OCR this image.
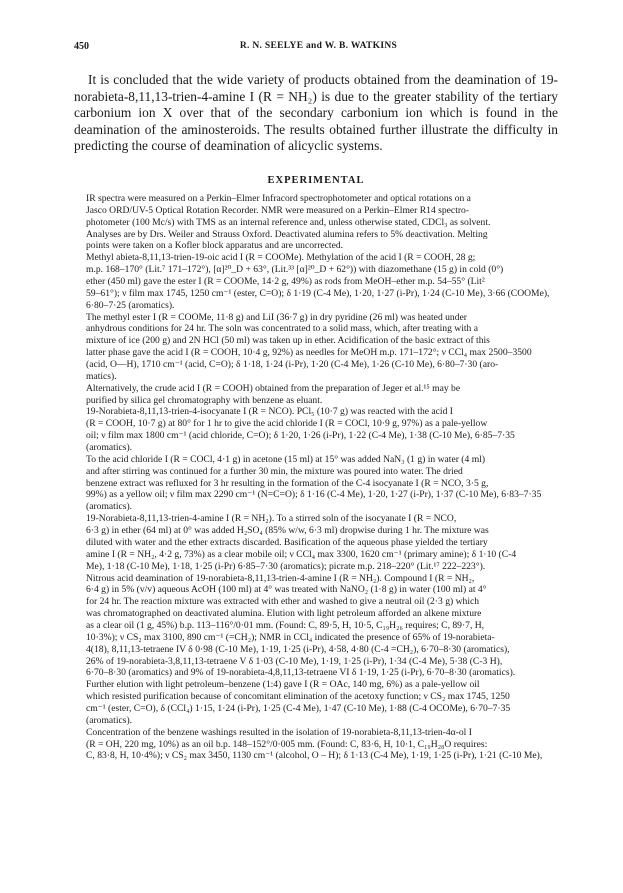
450	R. N. SEELYE and W. B. WATKINS

It is concluded that the wide variety of products obtained from the deamination of 19-norabieta-8,11,13-trien-4-amine I (R = NH₂) is due to the greater stability of the tertiary carbonium ion X over that of the secondary carbonium ion which is found in the deamination of the aminosteroids. The results obtained further illustrate the difficulty in predicting the course of deamination of alicyclic systems.

EXPERIMENTAL

IR spectra were measured on a Perkin–Elmer Infracord spectrophotometer and optical rotations on a
Jasco ORD/UV-5 Optical Rotation Recorder. NMR were measured on a Perkin–Elmer R14 spectro-
photometer (100 Mc/s) with TMS as an internal reference and, unless otherwise stated, CDCl₃ as solvent.
Analyses are by Drs. Weiler and Strauss Oxford. Deactivated alumina refers to 5% deactivation. Melting
points were taken on a Kofler block apparatus and are uncorrected.

Methyl abieta-8,11,13-trien-19-oic acid I (R = COOMe). Methylation of the acid I (R = COOH, 28 g;
m.p. 168–170° (Lit.⁷ 171–172°), [α]²⁰_D + 63°, (Lit.³³ [α]²⁰_D + 62°)) with diazomethane (15 g) in cold (0°)
ether (450 ml) gave the ester I (R = COOMe, 14·2 g, 49%) as rods from MeOH–ether m.p. 54–55° (Lit²
59–61°); ν film max 1745, 1250 cm⁻¹ (ester, C=O); δ 1·19 (C-4 Me), 1·20, 1·27 (i-Pr), 1·24 (C-10 Me), 3·66 (COOMe),
6·80–7·25 (aromatics).

The methyl ester I (R = COOMe, 11·8 g) and LiI (36·7 g) in dry pyridine (26 ml) was heated under
anhydrous conditions for 24 hr. The soln was concentrated to a solid mass, which, after treating with a
mixture of ice (200 g) and 2N HCl (50 ml) was taken up in ether. Acidification of the basic extract of this
latter phase gave the acid I (R = COOH, 10·4 g, 92%) as needles for MeOH m.p. 171–172°; ν CCl₄ max 2500–3500
(acid, O—H), 1710 cm⁻¹ (acid, C=O); δ 1·18, 1·24 (i-Pr), 1·20 (C-4 Me), 1·26 (C-10 Me), 6·80–7·30 (aro-
matics).

Alternatively, the crude acid I (R = COOH) obtained from the preparation of Jeger et al.¹⁵ may be
purified by silica gel chromatography with benzene as eluant.

19-Norabieta-8,11,13-trien-4-isocyanate I (R = NCO). PCl₅ (10·7 g) was reacted with the acid I
(R = COOH, 10·7 g) at 80° for 1 hr to give the acid chloride I (R = COCl, 10·9 g, 97%) as a pale-yellow
oil; ν film max 1800 cm⁻¹ (acid chloride, C=O); δ 1·20, 1·26 (i-Pr), 1·22 (C-4 Me), 1·38 (C-10 Me), 6·85–7·35
(aromatics).

To the acid chloride I (R = COCl, 4·1 g) in acetone (15 ml) at 15° was added NaN₃ (1 g) in water (4 ml)
and after stirring was continued for a further 30 min, the mixture was poured into water. The dried
benzene extract was refluxed for 3 hr resulting in the formation of the C-4 isocyanate I (R = NCO, 3·5 g,
99%) as a yellow oil; ν film max 2290 cm⁻¹ (N=C=O); δ 1·16 (C-4 Me), 1·20, 1·27 (i-Pr), 1·37 (C-10 Me), 6·83–7·35
(aromatics).

19-Norabieta-8,11,13-trien-4-amine I (R = NH₂). To a stirred soln of the isocyanate I (R = NCO,
6·3 g) in ether (64 ml) at 0° was added H₂SO₄ (85% w/w, 6·3 ml) dropwise during 1 hr. The mixture was
diluted with water and the ether extracts discarded. Basification of the aqueous phase yielded the tertiary
amine I (R = NH₂, 4·2 g, 73%) as a clear mobile oil; ν CCl₄ max 3300, 1620 cm⁻¹ (primary amine); δ 1·10 (C-4
Me), 1·18 (C-10 Me), 1·18, 1·25 (i-Pr) 6·85–7·30 (aromatics); picrate m.p. 218–220° (Lit.¹⁷ 222–223°).

Nitrous acid deamination of 19-norabieta-8,11,13-trien-4-amine I (R = NH₂). Compound I (R = NH₂,
6·4 g) in 5% (v/v) aqueous AcOH (100 ml) at 4° was treated with NaNO₂ (1·8 g) in water (100 ml) at 4°
for 24 hr. The reaction mixture was extracted with ether and washed to give a neutral oil (2·3 g) which
was chromatographed on deactivated alumina. Elution with light petroleum afforded an alkene mixture
as a clear oil (1 g, 45%) b.p. 113–116°/0·01 mm. (Found: C, 89·5, H, 10·5, C₁₉H₂₆ requires; C, 89·7, H,
10·3%); ν CS₂ max 3100, 890 cm⁻¹ (=CH₂); NMR in CCl₄ indicated the presence of 65% of 19-norabieta-
4(18), 8,11,13-tetraene IV δ 0·98 (C-10 Me), 1·19, 1·25 (i-Pr), 4·58, 4·80 (C-4 =CH₂), 6·70–8·30 (aromatics),
26% of 19-norabieta-3,8,11,13-tetraene V δ 1·03 (C-10 Me), 1·19, 1·25 (i-Pr), 1·34 (C-4 Me), 5·38 (C-3 H),
6·70–8·30 (aromatics) and 9% of 19-norabieta-4,8,11,13-tetraene VI δ 1·19, 1·25 (i-Pr), 6·70–8·30 (aromatics).

Further elution with light petroleum–benzene (1:4) gave I (R = OAc, 140 mg, 6%) as a pale-yellow oil
which resisted purification because of concomitant elimination of the acetoxy function; ν CS₂ max 1745, 1250
cm⁻¹ (ester, C=O), δ (CCl₄) 1·15, 1·24 (i-Pr), 1·25 (C-4 Me), 1·47 (C-10 Me), 1·88 (C-4 OCOMe), 6·70–7·35
(aromatics).

Concentration of the benzene washings resulted in the isolation of 19-norabieta-8,11,13-trien-4α-ol I
(R = OH, 220 mg, 10%) as an oil b.p. 148–152°/0·005 mm. (Found: C, 83·6, H, 10·1, C₁₉H₂₈O requires:
C, 83·8, H, 10·4%); ν CS₂ max 3450, 1130 cm⁻¹ (alcohol, O – H); δ 1·13 (C-4 Me), 1·19, 1·25 (i-Pr), 1·21 (C-10 Me),
